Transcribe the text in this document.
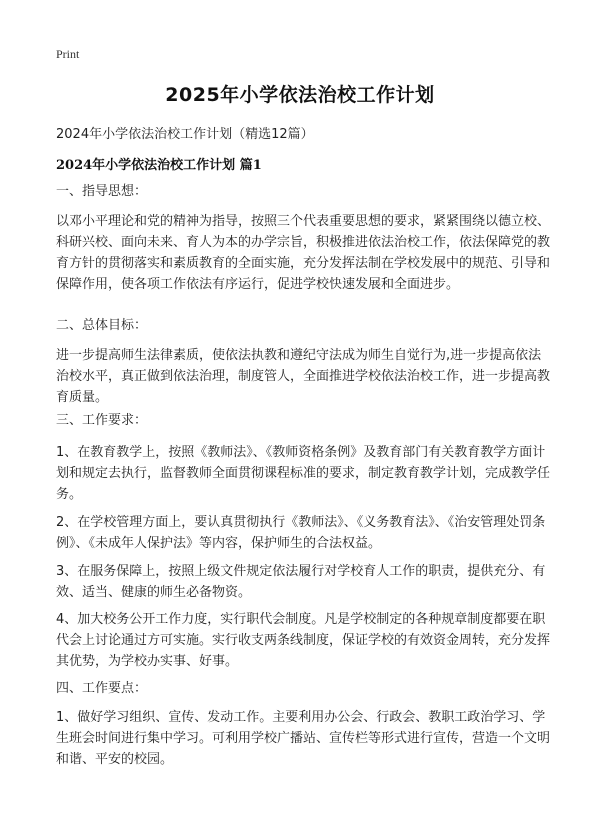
Print
2025年小学依法治校工作计划
2024年小学依法治校工作计划（精选12篇）
2024年小学依法治校工作计划 篇1
一、指导思想：
以邓小平理论和党的精神为指导，按照三个代表重要思想的要求，紧紧围绕以德立校、科研兴校、面向未来、育人为本的办学宗旨，积极推进依法治校工作，依法保障党的教育方针的贯彻落实和素质教育的全面实施，充分发挥法制在学校发展中的规范、引导和保障作用，使各项工作依法有序运行，促进学校快速发展和全面进步。
二、总体目标：
进一步提高师生法律素质，使依法执教和遵纪守法成为师生自觉行为,进一步提高依法治校水平，真正做到依法治理，制度管人，全面推进学校依法治校工作，进一步提高教育质量。
三、工作要求：
1、在教育教学上，按照《教师法》、《教师资格条例》及教育部门有关教育教学方面计划和规定去执行，监督教师全面贯彻课程标准的要求，制定教育教学计划，完成教学任务。
2、在学校管理方面上，要认真贯彻执行《教师法》、《义务教育法》、《治安管理处罚条例》、《未成年人保护法》等内容，保护师生的合法权益。
3、在服务保障上，按照上级文件规定依法履行对学校育人工作的职责，提供充分、有效、适当、健康的师生必备物资。
4、加大校务公开工作力度，实行职代会制度。凡是学校制定的各种规章制度都要在职代会上讨论通过方可实施。实行收支两条线制度，保证学校的有效资金周转，充分发挥其优势，为学校办实事、好事。
四、工作要点：
1、做好学习组织、宣传、发动工作。主要利用办公会、行政会、教职工政治学习、学生班会时间进行集中学习。可利用学校广播站、宣传栏等形式进行宣传，营造一个文明和谐、平安的校园。
